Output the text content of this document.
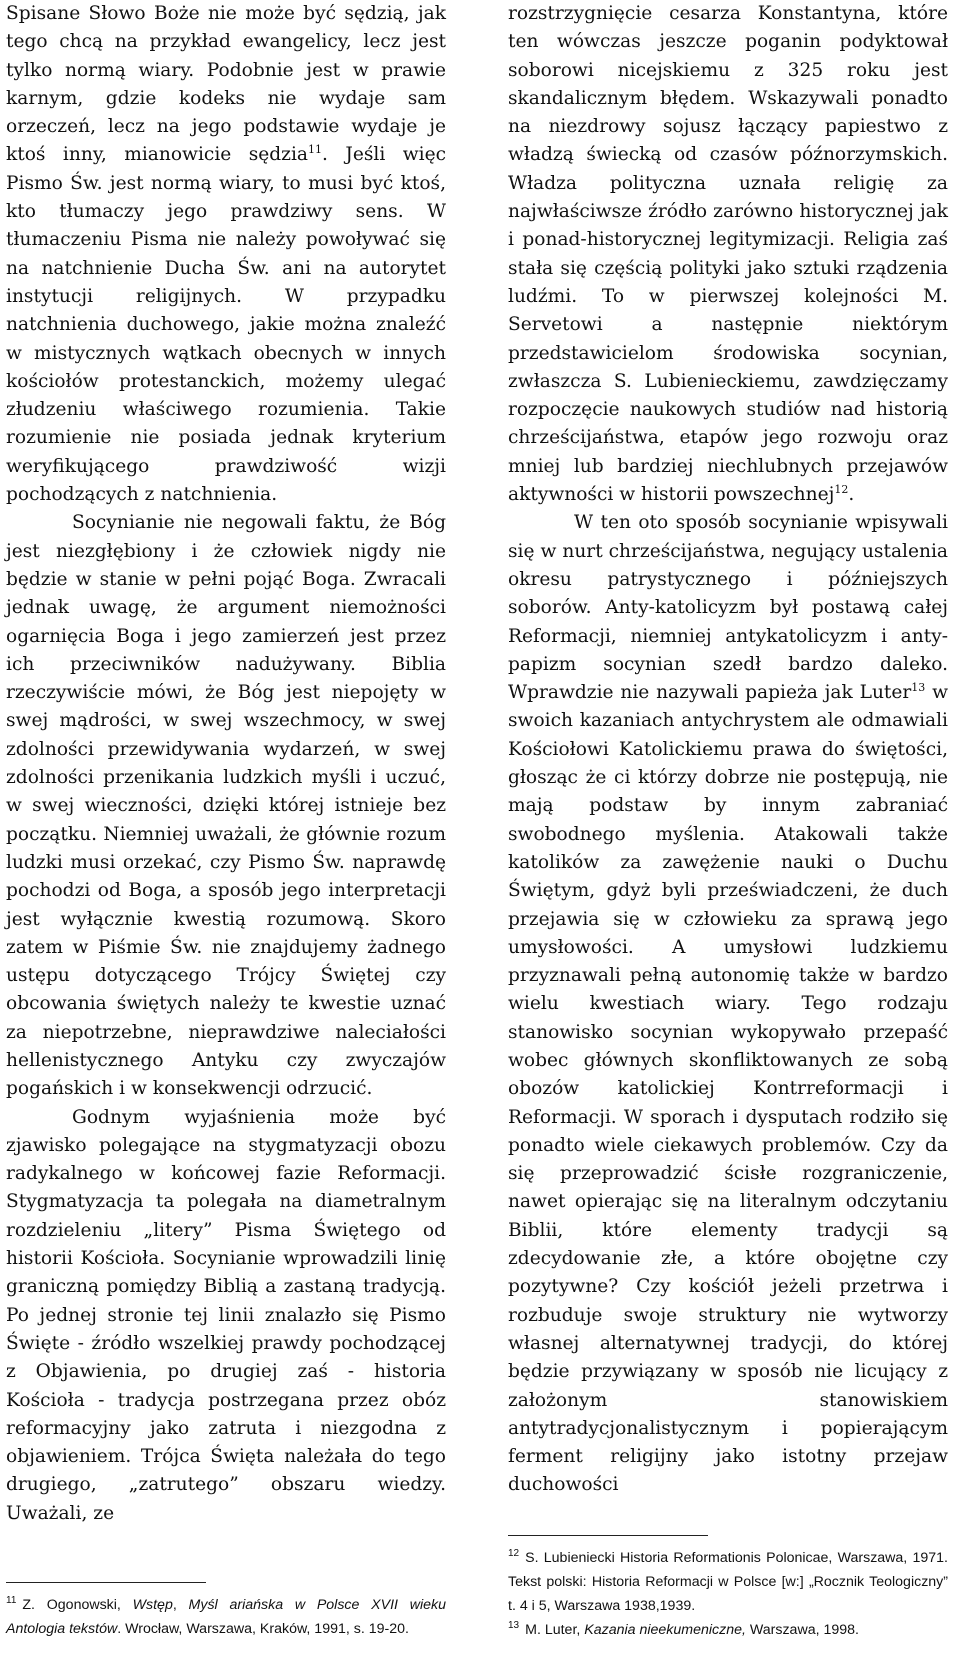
Spisane Słowo Boże nie może być sędzią, jak tego chcą na przykład ewangelicy, lecz jest tylko normą wiary. Podobnie jest w prawie karnym, gdzie kodeks nie wydaje sam orzeczeń, lecz na jego podstawie wydaje je ktoś inny, mianowicie sędzia$^{11}$. Jeśli więc Pismo Św. jest normą wiary, to musi być ktoś, kto tłumaczy jego prawdziwy sens. W tłumaczeniu Pisma nie należy powoływać się na natchnienie Ducha Św. ani na autorytet instytucji religijnych. W przypadku natchnienia duchowego, jakie można znaleźć w mistycznych wątkach obecnych w innych kościołów protestanckich, możemy ulegać złudzeniu właściwego rozumienia. Takie rozumienie nie posiada jednak kryterium weryfikującego prawdziwość wizji pochodzących z natchnienia.

Socynianie nie negowali faktu, że Bóg jest niezgłębiony i że człowiek nigdy nie będzie w stanie w pełni pojąć Boga. Zwracali jednak uwagę, że argument niemożności ogarnięcia Boga i jego zamierzeń jest przez ich przeciwników nadużywany. Biblia rzeczywiście mówi, że Bóg jest niepojęty w swej mądrości, w swej wszechmocy, w swej zdolności przewidywania wydarzeń, w swej zdolności przenikania ludzkich myśli i uczuć, w swej wieczności, dzięki której istnieje bez początku. Niemniej uważali, że głównie rozum ludzki musi orzekać, czy Pismo Św. naprawdę pochodzi od Boga, a sposób jego interpretacji jest wyłącznie kwestią rozumową. Skoro zatem w Piśmie Św. nie znajdujemy żadnego ustępu dotyczącego Trójcy Świętej czy obcowania świętych należy te kwestie uznać za niepotrzebne, nieprawdziwe naleciałości hellenistycznego Antyku czy zwyczajów pogańskich i w konsekwencji odrzucić.

Godnym wyjaśnienia może być zjawisko polegające na stygmatyzacji obozu radykalnego w końcowej fazie Reformacji. Stygmatyzacja ta polegała na diametralnym rozdzieleniu „litery” Pisma Świętego od historii Kościoła. Socynianie wprowadzili linię graniczną pomiędzy Biblią a zastaną tradycją. Po jednej stronie tej linii znalazło się Pismo Święte - źródło wszelkiej prawdy pochodzącej z Objawienia, po drugiej zaś - historia Kościoła - tradycja postrzegana przez obóz reformacyjny jako zatruta i niezgodna z objawieniem. Trójca Święta należała do tego drugiego, „zatrutego” obszaru wiedzy. Uważali, ze

$^{11}$ Z. Ogonowski, Wstęp, Myśl ariańska w Polsce XVII wieku Antologia tekstów. Wrocław, Warszawa, Kraków, 1991, s. 19-20.

rozstrzygnięcie cesarza Konstantyna, które ten wówczas jeszcze poganin podyktował soborowi nicejskiemu z 325 roku jest skandalicznym błędem. Wskazywali ponadto na niezdrowy sojusz łączący papiestwo z władzą świecką od czasów późnorzymskich. Władza polityczna uznała religię za najwłaściwsze źródło zarówno historycznej jak i ponad-historycznej legitymizacji. Religia zaś stała się częścią polityki jako sztuki rządzenia ludźmi. To w pierwszej kolejności M. Servetowi a następnie niektórym przedstawicielom środowiska socynian, zwłaszcza S. Lubienieckiemu, zawdzięczamy rozpoczęcie naukowych studiów nad historią chrześcijaństwa, etapów jego rozwoju oraz mniej lub bardziej niechlubnych przejawów aktywności w historii powszechnej$^{12}$.

W ten oto sposób socynianie wpisywali się w nurt chrześcijaństwa, negujący ustalenia okresu patrystycznego i późniejszych soborów. Anty-katolicyzm był postawą całej Reformacji, niemniej antykatolicyzm i anty-papizm socynian szedł bardzo daleko. Wprawdzie nie nazywali papieża jak Luter$^{13}$ w swoich kazaniach antychrystem ale odmawiali Kościołowi Katolickiemu prawa do świętości, głosząc że ci którzy dobrze nie postępują, nie mają podstaw by innym zabraniać swobodnego myślenia. Atakowali także katolików za zawężenie nauki o Duchu Świętym, gdyż byli przeświadczeni, że duch przejawia się w człowieku za sprawą jego umysłowości. A umysłowi ludzkiemu przyznawali pełną autonomię także w bardzo wielu kwestiach wiary. Tego rodzaju stanowisko socynian wykopywało przepaść wobec głównych skonfliktowanych ze sobą obozów katolickiej Kontrreformacji i Reformacji. W sporach i dysputach rodziło się ponadto wiele ciekawych problemów. Czy da się przeprowadzić ścisłe rozgraniczenie, nawet opierając się na literalnym odczytaniu Biblii, które elementy tradycji są zdecydowanie złe, a które obojętne czy pozytywne? Czy kościół jeżeli przetrwa i rozbuduje swoje struktury nie wytworzy własnej alternatywnej tradycji, do której będzie przywiązany w sposób nie licujący z założonym stanowiskiem antytradycjonalistycznym i popierającym ferment religijny jako istotny przejaw duchowości

$^{12}$ S. Lubieniecki Historia Reformationis Polonicae, Warszawa, 1971. Tekst polski: Historia Reformacji w Polsce [w:] „Rocznik Teologiczny” t. 4 i 5, Warszawa 1938,1939.

$^{13}$ M. Luter, Kazania nieekumeniczne, Warszawa, 1998.
